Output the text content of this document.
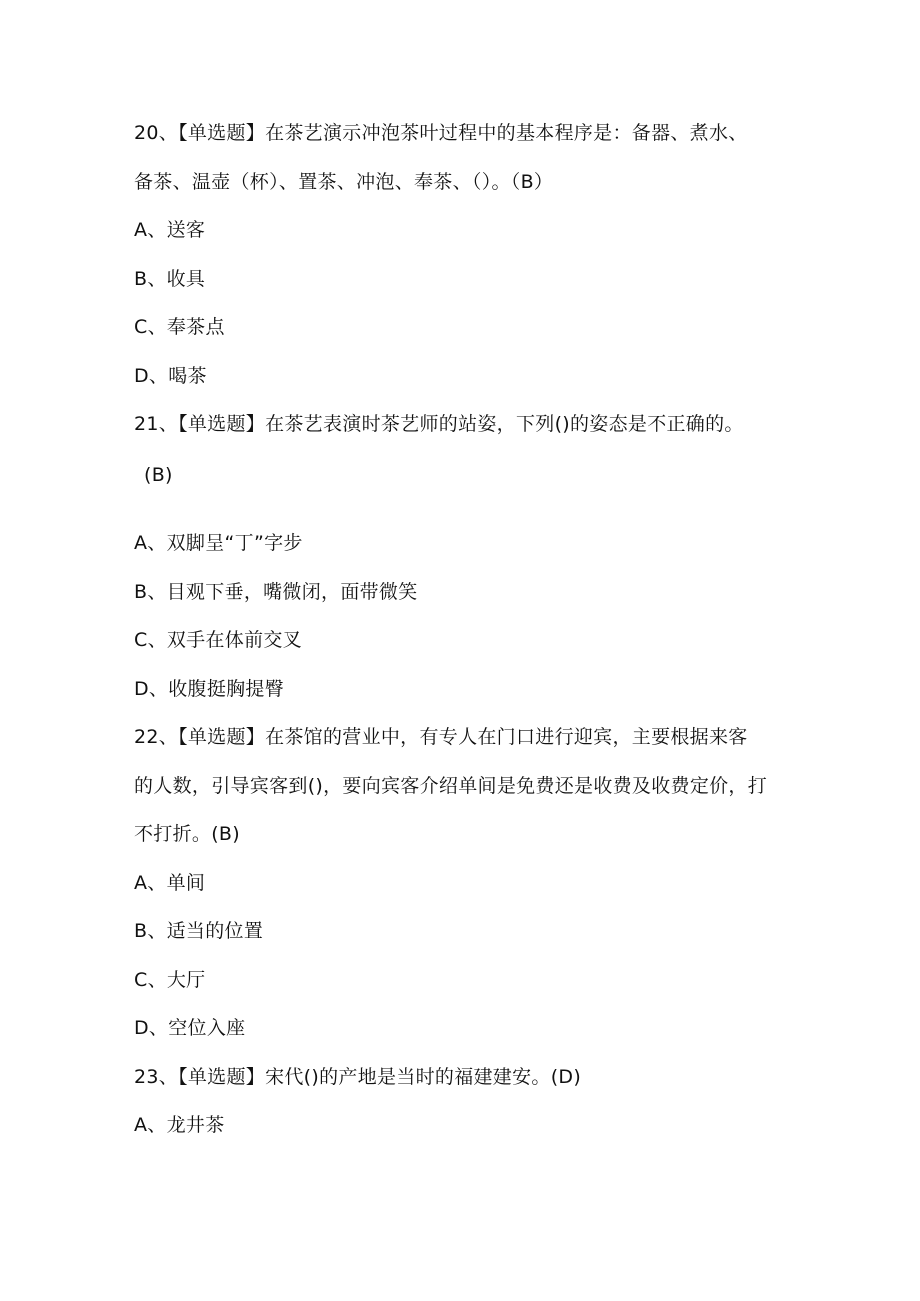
20、【单选题】在茶艺演示冲泡茶叶过程中的基本程序是：备器、煮水、
备茶、温壶（杯）、置茶、冲泡、奉茶、（）。（B）
A、送客
B、收具
C、奉茶点
D、喝茶
21、【单选题】在茶艺表演时茶艺师的站姿，下列()的姿态是不正确的。
(B)
A、双脚呈“丁”字步
B、目观下垂，嘴微闭，面带微笑
C、双手在体前交叉
D、收腹挺胸提臀
22、【单选题】在茶馆的营业中，有专人在门口进行迎宾，主要根据来客
的人数，引导宾客到()，要向宾客介绍单间是免费还是收费及收费定价，打
不打折。(B)
A、单间
B、适当的位置
C、大厅
D、空位入座
23、【单选题】宋代()的产地是当时的福建建安。(D)
A、龙井茶
